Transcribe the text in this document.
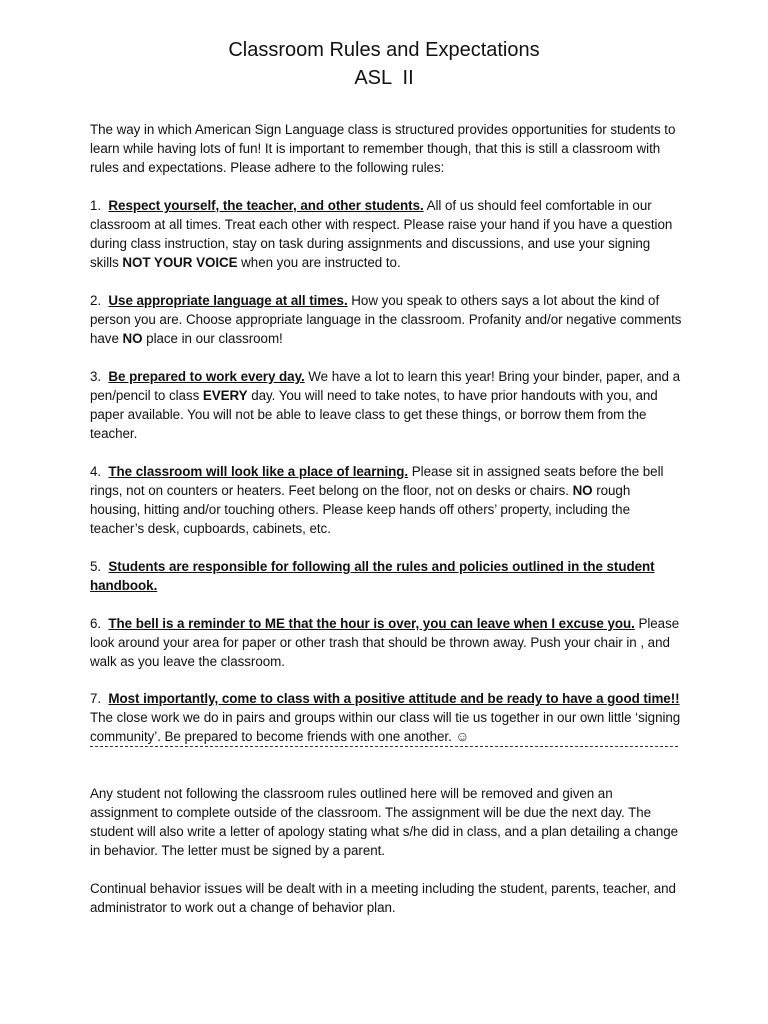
Classroom Rules and Expectations
ASL  II
The way in which American Sign Language class is structured provides opportunities for students to learn while having lots of fun! It is important to remember though, that this is still a classroom with rules and expectations. Please adhere to the following rules:
1. Respect yourself, the teacher, and other students. All of us should feel comfortable in our classroom at all times. Treat each other with respect. Please raise your hand if you have a question during class instruction, stay on task during assignments and discussions, and use your signing skills NOT YOUR VOICE when you are instructed to.
2. Use appropriate language at all times. How you speak to others says a lot about the kind of person you are. Choose appropriate language in the classroom. Profanity and/or negative comments have NO place in our classroom!
3. Be prepared to work every day. We have a lot to learn this year! Bring your binder, paper, and a pen/pencil to class EVERY day. You will need to take notes, to have prior handouts with you, and paper available. You will not be able to leave class to get these things, or borrow them from the teacher.
4. The classroom will look like a place of learning. Please sit in assigned seats before the bell rings, not on counters or heaters. Feet belong on the floor, not on desks or chairs. NO rough housing, hitting and/or touching others. Please keep hands off others’ property, including the teacher’s desk, cupboards, cabinets, etc.
5. Students are responsible for following all the rules and policies outlined in the student handbook.
6. The bell is a reminder to ME that the hour is over, you can leave when I excuse you. Please look around your area for paper or other trash that should be thrown away. Push your chair in , and walk as you leave the classroom.
7. Most importantly, come to class with a positive attitude and be ready to have a good time!! The close work we do in pairs and groups within our class will tie us together in our own little ‘signing community’. Be prepared to become friends with one another. ☺
Any student not following the classroom rules outlined here will be removed and given an assignment to complete outside of the classroom. The assignment will be due the next day. The student will also write a letter of apology stating what s/he did in class, and a plan detailing a change in behavior. The letter must be signed by a parent.
Continual behavior issues will be dealt with in a meeting including the student, parents, teacher, and administrator to work out a change of behavior plan.
